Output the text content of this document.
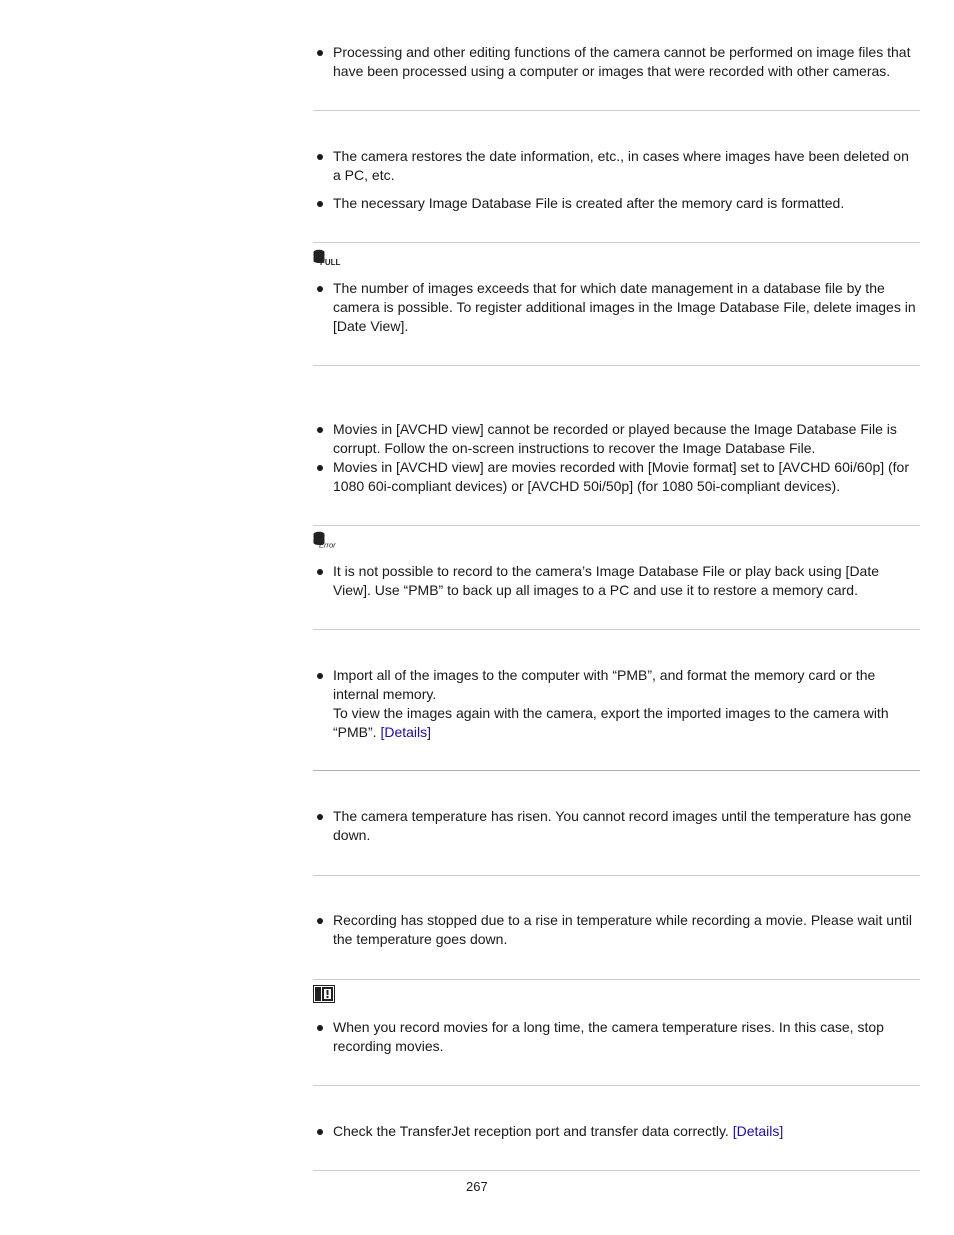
Processing and other editing functions of the camera cannot be performed on image files that have been processed using a computer or images that were recorded with other cameras.
The camera restores the date information, etc., in cases where images have been deleted on a PC, etc.
The necessary Image Database File is created after the memory card is formatted.
FULL
The number of images exceeds that for which date management in a database file by the camera is possible. To register additional images in the Image Database File, delete images in [Date View].
Movies in [AVCHD view] cannot be recorded or played because the Image Database File is corrupt. Follow the on-screen instructions to recover the Image Database File.
Movies in [AVCHD view] are movies recorded with [Movie format] set to [AVCHD 60i/60p] (for 1080 60i-compliant devices) or [AVCHD 50i/50p] (for 1080 50i-compliant devices).
Error
It is not possible to record to the camera’s Image Database File or play back using [Date View]. Use “PMB” to back up all images to a PC and use it to restore a memory card.
Import all of the images to the computer with “PMB”, and format the memory card or the internal memory.
To view the images again with the camera, export the imported images to the camera with “PMB”. [Details]
The camera temperature has risen. You cannot record images until the temperature has gone down.
Recording has stopped due to a rise in temperature while recording a movie. Please wait until the temperature goes down.
When you record movies for a long time, the camera temperature rises. In this case, stop recording movies.
Check the TransferJet reception port and transfer data correctly. [Details]
267
